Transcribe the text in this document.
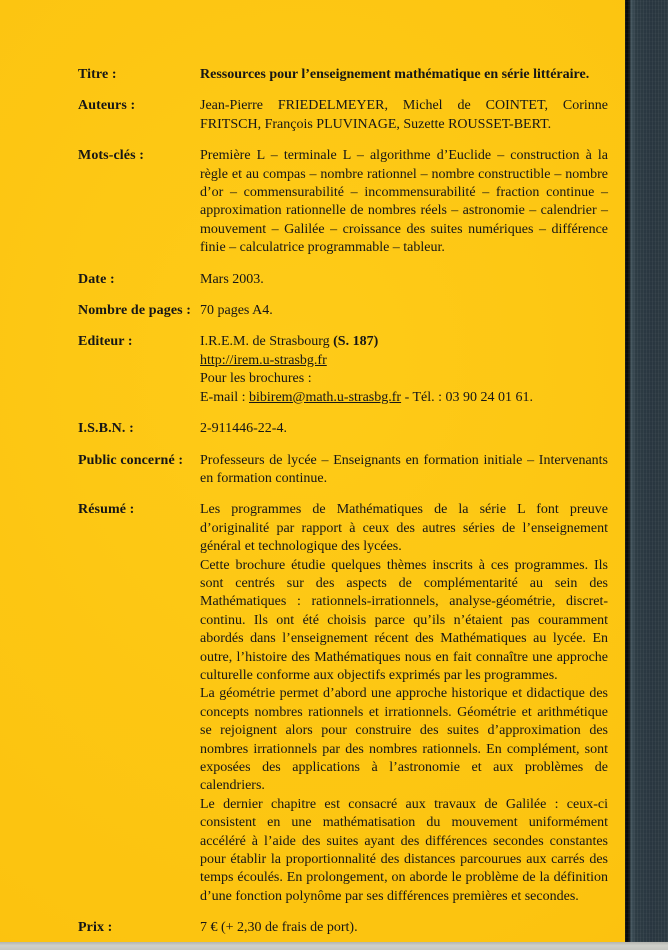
Titre :	Ressources pour l’enseignement mathématique en série littéraire.
Auteurs :	Jean-Pierre FRIEDELMEYER, Michel de COINTET, Corinne FRITSCH, François PLUVINAGE, Suzette ROUSSET-BERT.
Mots-clés :	Première L – terminale L – algorithme d’Euclide – construction à la règle et au compas – nombre rationnel – nombre constructible – nombre d’or – commensurabilité – incommensurabilité – fraction continue – approximation rationnelle de nombres réels – astronomie – calendrier – mouvement – Galilée – croissance des suites numériques – différence finie – calculatrice programmable – tableur.
Date :	Mars 2003.
Nombre de pages : 70 pages A4.
Editeur :	I.R.E.M. de Strasbourg (S. 187)

http://irem.u-strasbg.fr

Pour les brochures :

E-mail : bibirem@math.u-strasbg.fr - Tél. : 03 90 24 01 61.

I.S.B.N. :	2-911446-22-4.
Public concerné :	Professeurs de lycée – Enseignants en formation initiale – Intervenants en formation continue.
Résumé :	Les programmes de Mathématiques de la série L font preuve d’originalité par rapport à ceux des autres séries de l’enseignement général et technologique des lycées.

Cette brochure étudie quelques thèmes inscrits à ces programmes. Ils sont centrés sur des aspects de complémentarité au sein des Mathématiques : rationnels-irrationnels, analyse-géométrie, discret-continu. Ils ont été choisis parce qu’ils n’étaient pas couramment abordés dans l’enseignement récent des Mathématiques au lycée. En outre, l’histoire des Mathématiques nous en fait connaître une approche culturelle conforme aux objectifs exprimés par les programmes.

La géométrie permet d’abord une approche historique et didactique des concepts nombres rationnels et irrationnels. Géométrie et arithmétique se rejoignent alors pour construire des suites d’approximation des nombres irrationnels par des nombres rationnels. En complément, sont exposées des applications à l’astronomie et aux problèmes de calendriers.

Le dernier chapitre est consacré aux travaux de Galilée : ceux-ci consistent en une mathématisation du mouvement uniformément accéléré à l’aide des suites ayant des différences secondes constantes pour établir la proportionnalité des distances parcourues aux carrés des temps écoulés. En prolongement, on aborde le problème de la définition d’une fonction polynôme par ses différences premières et secondes.

Prix :	7 € (+ 2,30 de frais de port).
